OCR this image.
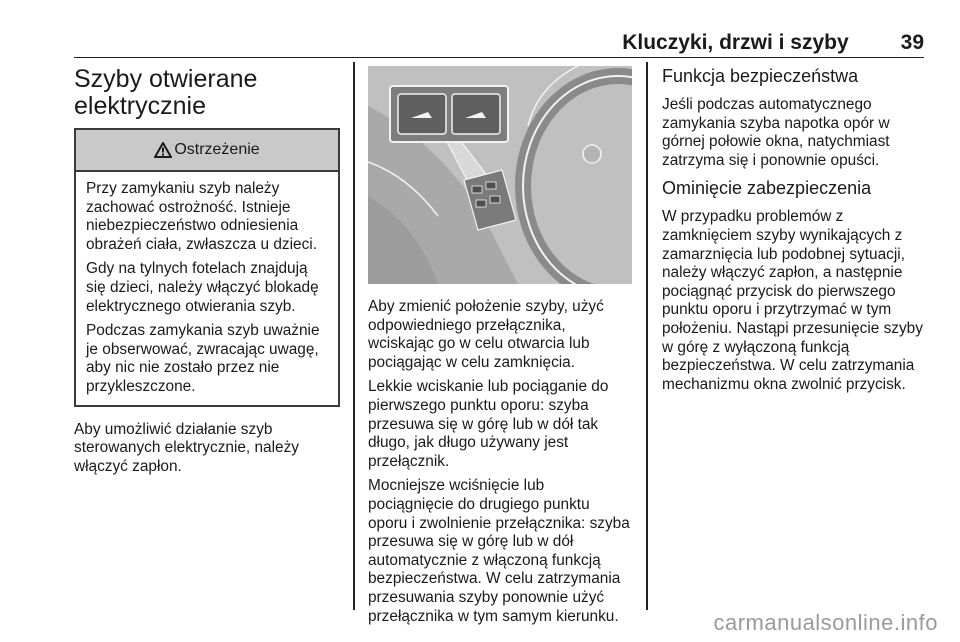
Kluczyki, drzwi i szyby 39
Szyby otwierane
elektrycznie
Ostrzeżenie

Przy zamykaniu szyb należy zachować ostrożność. Istnieje niebezpieczeństwo odniesienia obrażeń ciała, zwłaszcza u dzieci.

Gdy na tylnych fotelach znajdują się dzieci, należy włączyć blokadę elektrycznego otwierania szyb.

Podczas zamykania szyb uważnie je obserwować, zwracając uwagę, aby nic nie zostało przez nie przykleszczone.

Aby umożliwić działanie szyb sterowanych elektrycznie, należy włączyć zapłon.

Aby zmienić położenie szyby, użyć odpowiedniego przełącznika, wciskając go w celu otwarcia lub pociągając w celu zamknięcia.

Lekkie wciskanie lub pociąganie do pierwszego punktu oporu: szyba przesuwa się w górę lub w dół tak długo, jak długo używany jest przełącznik.

Mocniejsze wciśnięcie lub pociągnięcie do drugiego punktu oporu i zwolnienie przełącznika: szyba przesuwa się w górę lub w dół automatycznie z włączoną funkcją bezpieczeństwa. W celu zatrzymania przesuwania szyby ponownie użyć przełącznika w tym samym kierunku.

Funkcja bezpieczeństwa

Jeśli podczas automatycznego zamykania szyba napotka opór w górnej połowie okna, natychmiast zatrzyma się i ponownie opuści.

Ominięcie zabezpieczenia

W przypadku problemów z zamknięciem szyby wynikających z zamarznięcia lub podobnej sytuacji, należy włączyć zapłon, a następnie pociągnąć przycisk do pierwszego punktu oporu i przytrzymać w tym położeniu. Nastąpi przesunięcie szyby w górę z wyłączoną funkcją bezpieczeństwa. W celu zatrzymania mechanizmu okna zwolnić przycisk.

carmanualsonline.info
